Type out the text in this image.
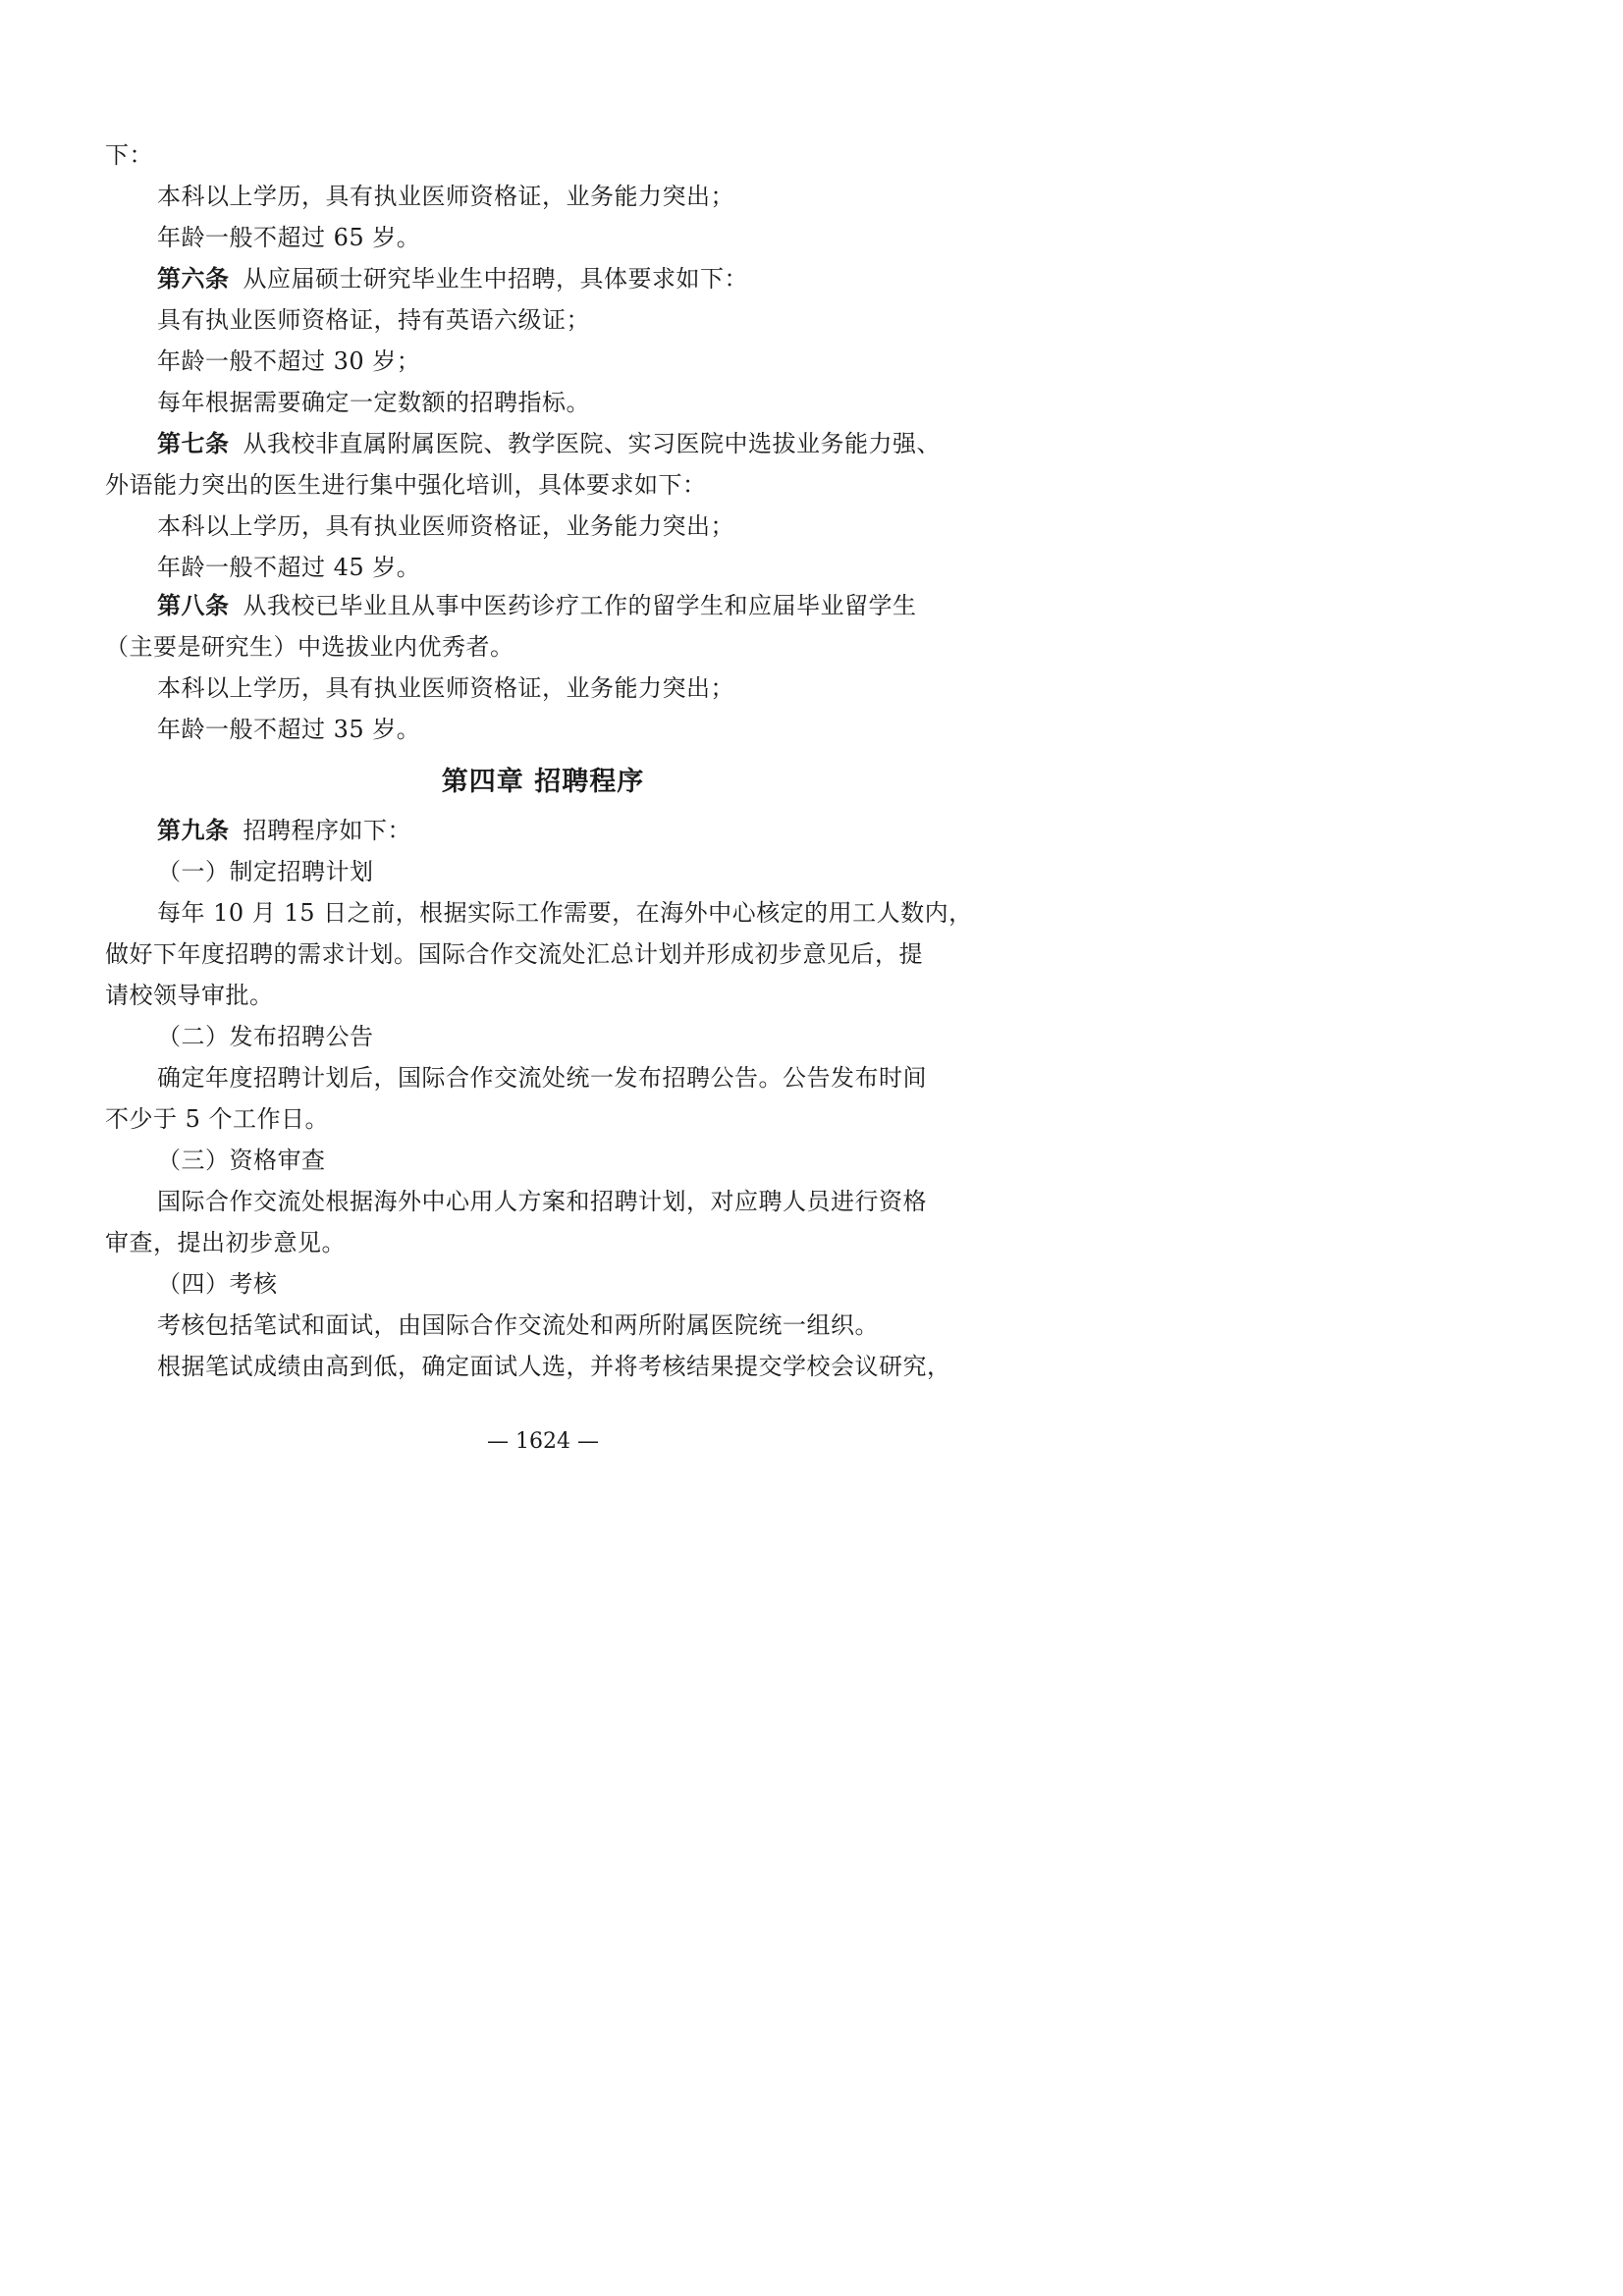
下：
本科以上学历，具有执业医师资格证，业务能力突出；
年龄一般不超过 65 岁。
第六条 从应届硕士研究毕业生中招聘，具体要求如下：
具有执业医师资格证，持有英语六级证；
年龄一般不超过 30 岁；
每年根据需要确定一定数额的招聘指标。
第七条 从我校非直属附属医院、教学医院、实习医院中选拔业务能力强、
外语能力突出的医生进行集中强化培训，具体要求如下：
本科以上学历，具有执业医师资格证，业务能力突出；
年龄一般不超过 45 岁。
第八条 从我校已毕业且从事中医药诊疗工作的留学生和应届毕业留学生
（主要是研究生）中选拔业内优秀者。
本科以上学历，具有执业医师资格证，业务能力突出；
年龄一般不超过 35 岁。
第四章 招聘程序
第九条 招聘程序如下：
（一）制定招聘计划
每年 10 月 15 日之前，根据实际工作需要，在海外中心核定的用工人数内，
做好下年度招聘的需求计划。国际合作交流处汇总计划并形成初步意见后，提
请校领导审批。
（二）发布招聘公告
确定年度招聘计划后，国际合作交流处统一发布招聘公告。公告发布时间
不少于 5 个工作日。
（三）资格审查
国际合作交流处根据海外中心用人方案和招聘计划，对应聘人员进行资格
审查，提出初步意见。
（四）考核
考核包括笔试和面试，由国际合作交流处和两所附属医院统一组织。
根据笔试成绩由高到低，确定面试人选，并将考核结果提交学校会议研究，
— 1624 —
